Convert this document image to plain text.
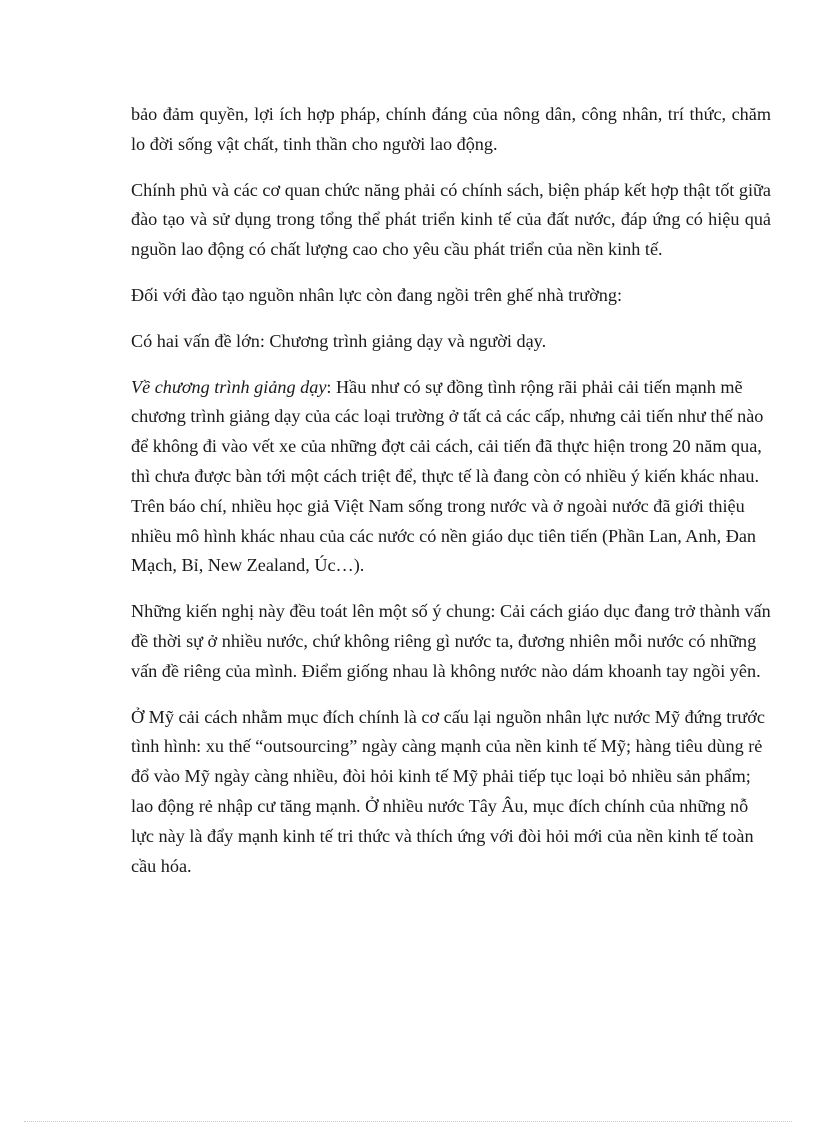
bảo đảm quyền, lợi ích hợp pháp, chính đáng của nông dân, công nhân, trí thức, chăm lo đời sống vật chất, tinh thần cho người lao động.

Chính phủ và các cơ quan chức năng phải có chính sách, biện pháp kết hợp thật tốt giữa đào tạo và sử dụng trong tổng thể phát triển kinh tế của đất nước, đáp ứng có hiệu quả nguồn lao động có chất lượng cao cho yêu cầu phát triển của nền kinh tế.

Đối với đào tạo nguồn nhân lực còn đang ngồi trên ghế nhà trường:

Có hai vấn đề lớn: Chương trình giảng dạy và người dạy.

Về chương trình giảng dạy: Hầu như có sự đồng tình rộng rãi phải cải tiến mạnh mẽ chương trình giảng dạy của các loại trường ở tất cả các cấp, nhưng cải tiến như thế nào để không đi vào vết xe của những đợt cải cách, cải tiến đã thực hiện trong 20 năm qua, thì chưa được bàn tới một cách triệt để, thực tế là đang còn có nhiều ý kiến khác nhau. Trên báo chí, nhiều học giả Việt Nam sống trong nước và ở ngoài nước đã giới thiệu nhiều mô hình khác nhau của các nước có nền giáo dục tiên tiến (Phần Lan, Anh, Đan Mạch, Bỉ, New Zealand, Úc…).

Những kiến nghị này đều toát lên một số ý chung: Cải cách giáo dục đang trở thành vấn đề thời sự ở nhiều nước, chứ không riêng gì nước ta, đương nhiên mỗi nước có những vấn đề riêng của mình. Điểm giống nhau là không nước nào dám khoanh tay ngồi yên.

Ở Mỹ cải cách nhằm mục đích chính là cơ cấu lại nguồn nhân lực nước Mỹ đứng trước tình hình: xu thế “outsourcing” ngày càng mạnh của nền kinh tế Mỹ; hàng tiêu dùng rẻ đổ vào Mỹ ngày càng nhiều, đòi hỏi kinh tế Mỹ phải tiếp tục loại bỏ nhiều sản phẩm; lao động rẻ nhập cư tăng mạnh. Ở nhiều nước Tây Âu, mục đích chính của những nỗ lực này là đẩy mạnh kinh tế tri thức và thích ứng với đòi hỏi mới của nền kinh tế toàn cầu hóa.
